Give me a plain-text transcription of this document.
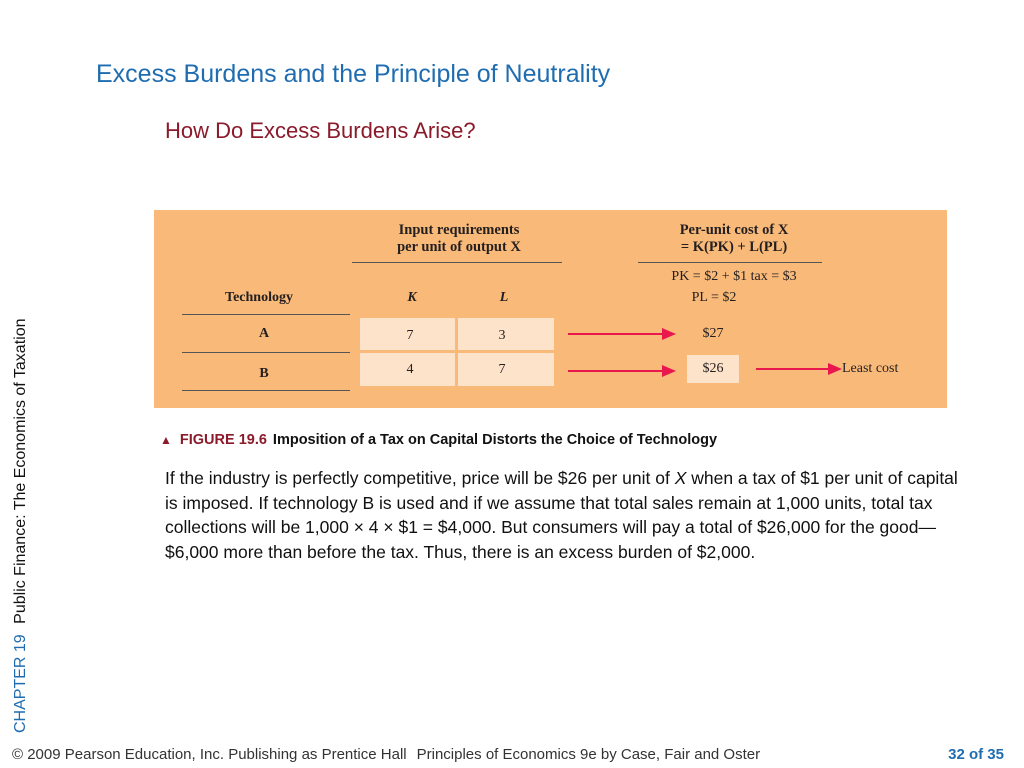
Excess Burdens and the Principle of Neutrality
How Do Excess Burdens Arise?
CHAPTER 19 Public Finance: The Economics of Taxation
Input requirements
per unit of output X
Per-unit cost of X
= K(PK) + L(PL)
PK = $2 + $1 tax = $3
PL = $2
Technology	K	L
A	7	3	$27
B	4	7	$26	Least cost
▲ FIGURE 19.6 Imposition of a Tax on Capital Distorts the Choice of Technology
If the industry is perfectly competitive, price will be $26 per unit of X when a tax of $1 per unit of capital is imposed. If technology B is used and if we assume that total sales remain at 1,000 units, total tax collections will be 1,000 × 4 × $1 = $4,000. But consumers will pay a total of $26,000 for the good—$6,000 more than before the tax. Thus, there is an excess burden of $2,000.
© 2009 Pearson Education, Inc. Publishing as Prentice Hall Principles of Economics 9e by Case, Fair and Oster	32 of 35
